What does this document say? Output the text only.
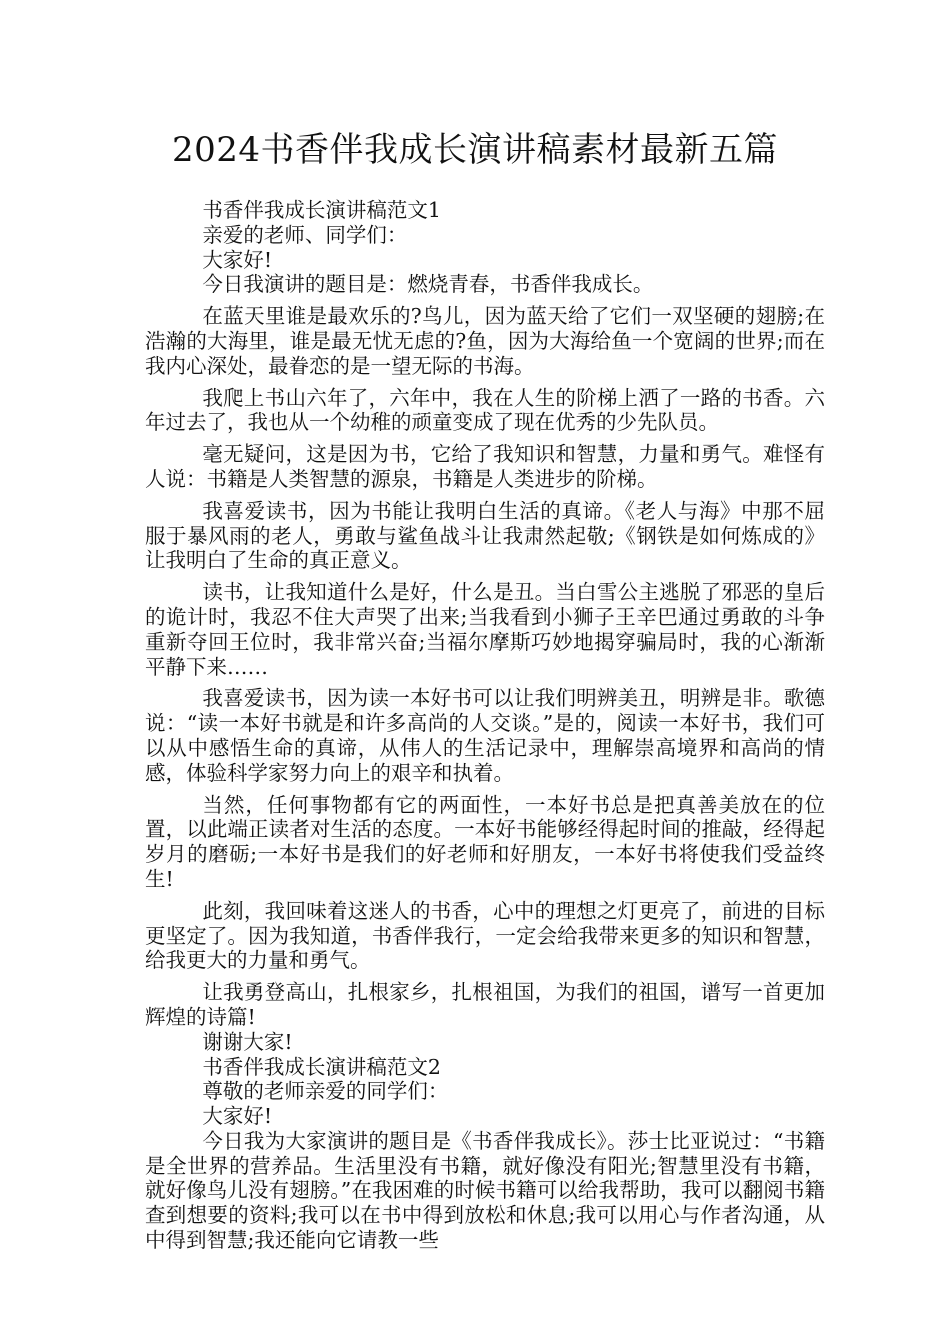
2024书香伴我成长演讲稿素材最新五篇

书香伴我成长演讲稿范文1

亲爱的老师、同学们：

大家好!

今日我演讲的题目是：燃烧青春，书香伴我成长。

在蓝天里谁是最欢乐的?鸟儿，因为蓝天给了它们一双坚硬的翅膀;在浩瀚的大海里，谁是最无忧无虑的?鱼，因为大海给鱼一个宽阔的世界;而在我内心深处，最眷恋的是一望无际的书海。

我爬上书山六年了，六年中，我在人生的阶梯上洒了一路的书香。六年过去了，我也从一个幼稚的顽童变成了现在优秀的少先队员。

毫无疑问，这是因为书，它给了我知识和智慧，力量和勇气。难怪有人说：书籍是人类智慧的源泉，书籍是人类进步的阶梯。

我喜爱读书，因为书能让我明白生活的真谛。《老人与海》中那不屈服于暴风雨的老人，勇敢与鲨鱼战斗让我肃然起敬;《钢铁是如何炼成的》让我明白了生命的真正意义。

读书，让我知道什么是好，什么是丑。当白雪公主逃脱了邪恶的皇后的诡计时，我忍不住大声哭了出来;当我看到小狮子王辛巴通过勇敢的斗争重新夺回王位时，我非常兴奋;当福尔摩斯巧妙地揭穿骗局时，我的心渐渐平静下来……

我喜爱读书，因为读一本好书可以让我们明辨美丑，明辨是非。歌德说：“读一本好书就是和许多高尚的人交谈。”是的，阅读一本好书，我们可以从中感悟生命的真谛，从伟人的生活记录中，理解崇高境界和高尚的情感，体验科学家努力向上的艰辛和执着。

当然，任何事物都有它的两面性，一本好书总是把真善美放在的位置，以此端正读者对生活的态度。一本好书能够经得起时间的推敲，经得起岁月的磨砺;一本好书是我们的好老师和好朋友，一本好书将使我们受益终生!

此刻，我回味着这迷人的书香，心中的理想之灯更亮了，前进的目标更坚定了。因为我知道，书香伴我行，一定会给我带来更多的知识和智慧，给我更大的力量和勇气。

让我勇登高山，扎根家乡，扎根祖国，为我们的祖国，谱写一首更加辉煌的诗篇!

谢谢大家!

书香伴我成长演讲稿范文2

尊敬的老师亲爱的同学们：

大家好!

今日我为大家演讲的题目是《书香伴我成长》。莎士比亚说过：“书籍是全世界的营养品。生活里没有书籍，就好像没有阳光;智慧里没有书籍，就好像鸟儿没有翅膀。”在我困难的时候书籍可以给我帮助，我可以翻阅书籍查到想要的资料;我可以在书中得到放松和休息;我可以用心与作者沟通，从中得到智慧;我还能向它请教一些
